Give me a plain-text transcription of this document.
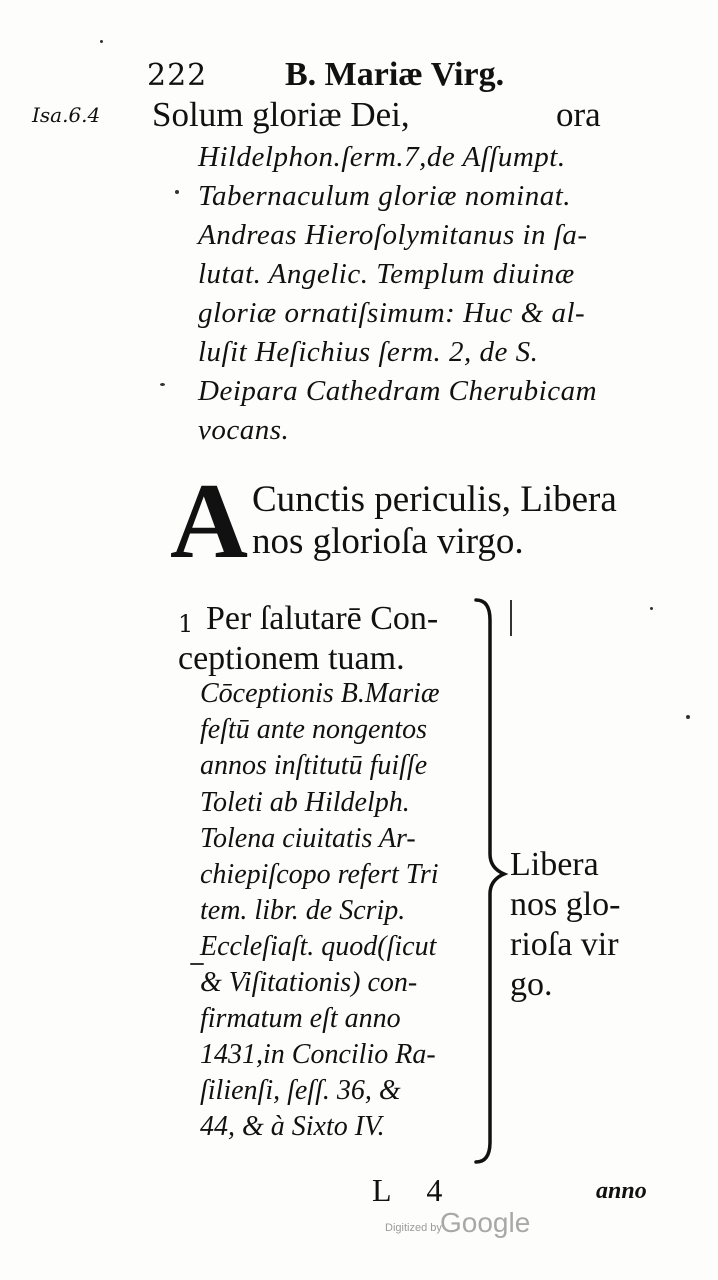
222 B. Mariæ Virg.
Isa.6.4 Solum gloriæ Dei,	ora
Hildelphon.ſerm.7,de Aſſumpt.
Tabernaculum gloriæ nominat.
Andreas Hieroſolymitanus in ſa-
lutat. Angelic. Templum diuinæ
gloriæ ornatiſsimum: Huc & al-
luſit Heſichius ſerm. 2, de S.
Deipara Cathedram Cherubicam
vocans.
A Cunctis periculis, Libera
nos glorioſa virgo.
1 Per ſalutarē Con-
ceptionem tuam.
Cōceptionis B.Mariæ
feſtū ante nongentos
annos inſtitutū fuiſſe
Toleti ab Hildelph.
Tolena ciuitatis Ar-
chiepiſcopo refert Tri
tem. libr. de Scrip.
Eccleſiaſt. quod(ſicut
& Viſitationis) con-
firmatum eſt anno
1431,in Concilio Ra-
ſilienſi, ſeſſ. 36, &
44, & à Sixto IV.
Libera
nos glo-
rioſa vir
go.
L 4	anno
Digitized by
Google
